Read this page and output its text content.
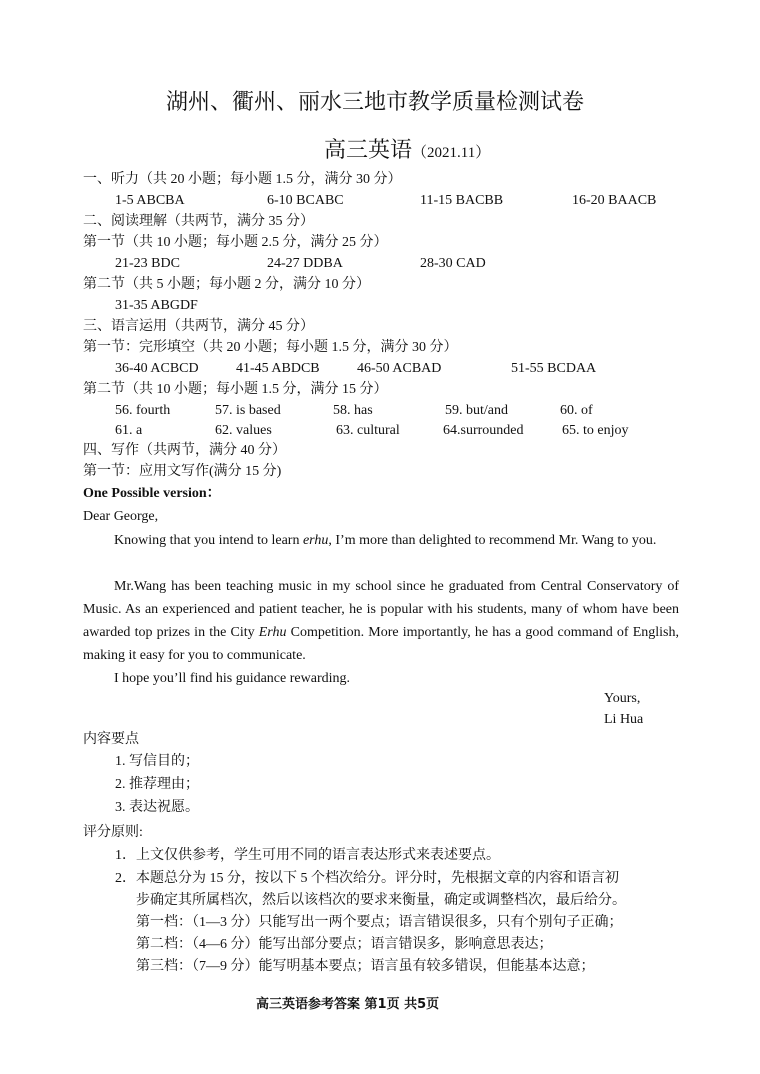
湖州、衢州、丽水三地市教学质量检测试卷
高三英语（2021.11）
一、听力（共 20 小题；每小题 1.5 分，满分 30 分）
1-5 ABCBA	6-10 BCABC	11-15 BACBB	16-20 BAACB
二、阅读理解（共两节，满分 35 分）
第一节（共 10 小题；每小题 2.5 分，满分 25 分）
21-23 BDC	24-27 DDBA	28-30 CAD
第二节（共 5 小题；每小题 2 分，满分 10 分）
31-35 ABGDF
三、语言运用（共两节，满分 45 分）
第一节：完形填空（共 20 小题；每小题 1.5 分，满分 30 分）
36-40 ACBCD	41-45 ABDCB	46-50 ACBAD	51-55 BCDAA
第二节（共 10 小题；每小题 1.5 分，满分 15 分）
56. fourth	57. is based	58. has	59. but/and	60. of
61. a	62. values	63. cultural	64.surrounded	65. to enjoy
四、写作（共两节，满分 40 分）
第一节：应用文写作(满分 15 分)
One Possible version：
Dear George,
Knowing that you intend to learn erhu, I’m more than delighted to recommend Mr. Wang to you.
Mr.Wang has been teaching music in my school since he graduated from Central Conservatory of Music. As an experienced and patient teacher, he is popular with his students, many of whom have been awarded top prizes in the City Erhu Competition. More importantly, he has a good command of English, making it easy for you to communicate.
I hope you’ll find his guidance rewarding.
Yours,
Li Hua
内容要点
1. 写信目的；
2. 推荐理由；
3. 表达祝愿。
评分原则:
1．上文仅供参考，学生可用不同的语言表达形式来表述要点。
2．本题总分为 15 分，按以下 5 个档次给分。评分时，先根据文章的内容和语言初
步确定其所属档次，然后以该档次的要求来衡量，确定或调整档次，最后给分。
第一档：（1—3 分）只能写出一两个要点；语言错误很多，只有个别句子正确；
第二档：（4—6 分）能写出部分要点；语言错误多，影响意思表达；
第三档：（7—9 分）能写明基本要点；语言虽有较多错误，但能基本达意；
高三英语参考答案 第1页 共5页
